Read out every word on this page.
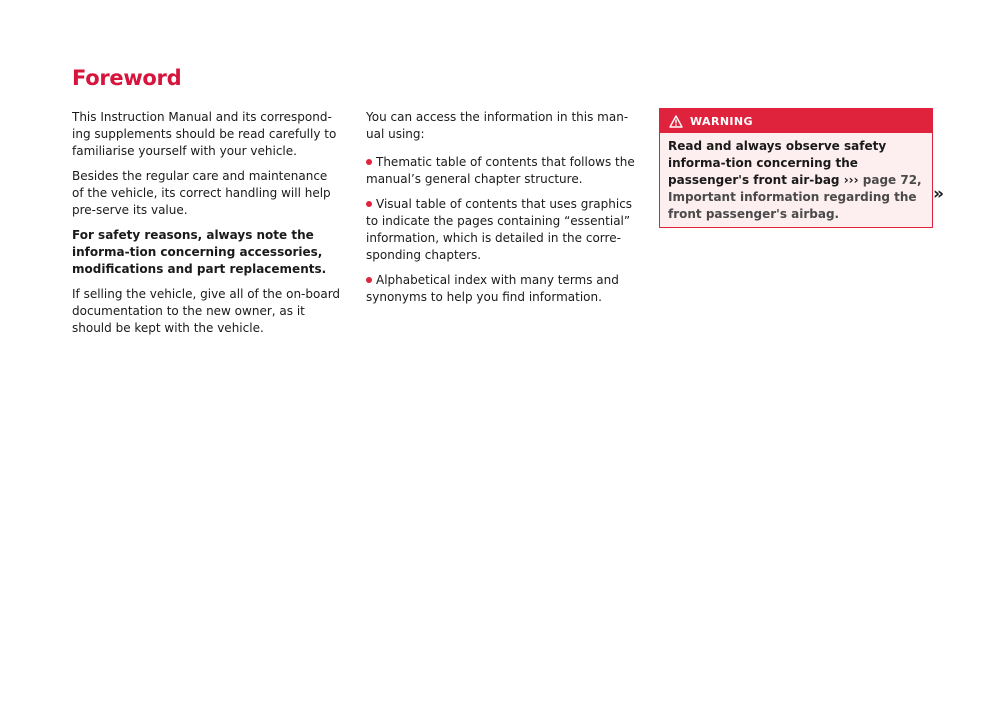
Foreword

This Instruction Manual and its correspond-ing supplements should be read carefully to familiarise yourself with your vehicle.

Besides the regular care and maintenance of the vehicle, its correct handling will help pre-serve its value.

For safety reasons, always note the informa-tion concerning accessories, modifications and part replacements.

If selling the vehicle, give all of the on-board documentation to the new owner, as it should be kept with the vehicle.

You can access the information in this man-ual using:

Thematic table of contents that follows the manual’s general chapter structure.

Visual table of contents that uses graphics to indicate the pages containing “essential” information, which is detailed in the corre-sponding chapters.

Alphabetical index with many terms and synonyms to help you find information.

WARNING
Read and always observe safety informa-tion concerning the passenger's front air-bag ››› page 72, Important information regarding the front passenger's airbag.
»
